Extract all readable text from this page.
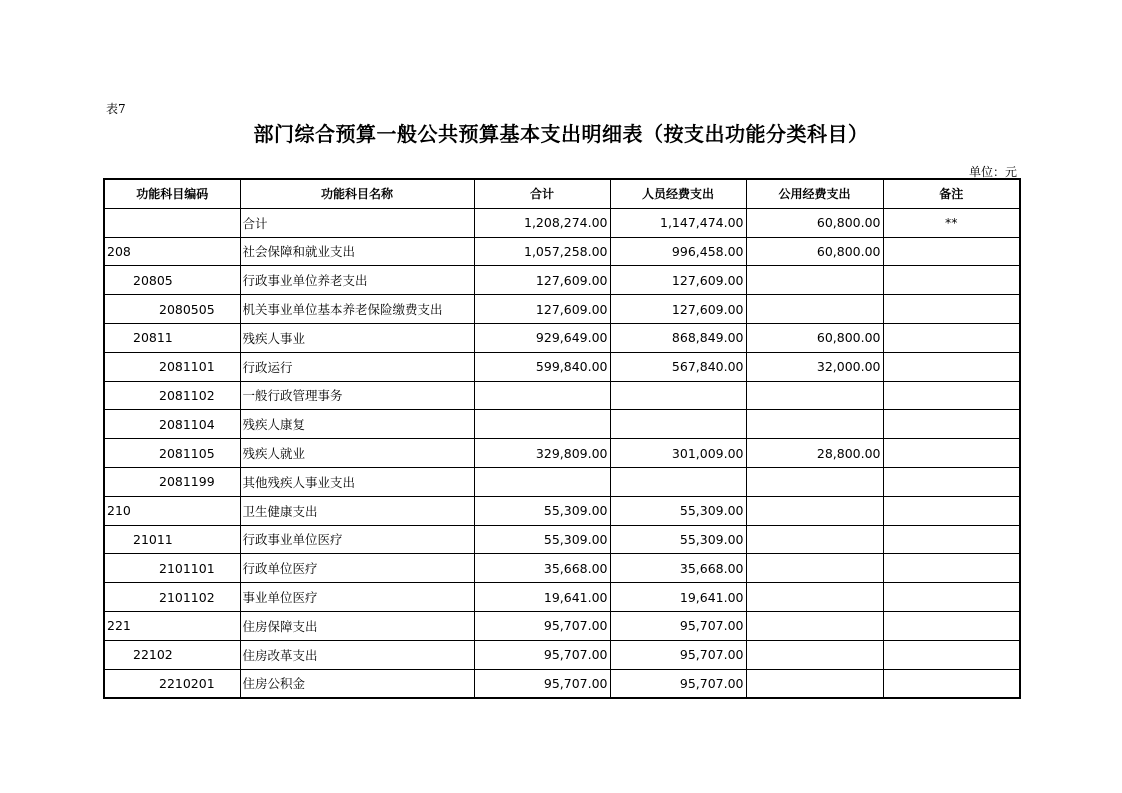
表7
部门综合预算一般公共预算基本支出明细表（按支出功能分类科目）
单位：元
功能科目编码	功能科目名称	合计	人员经费支出	公用经费支出	备注
	合计	1,208,274.00	1,147,474.00	60,800.00	**
208	社会保障和就业支出	1,057,258.00	996,458.00	60,800.00	
20805	行政事业单位养老支出	127,609.00	127,609.00		
2080505	机关事业单位基本养老保险缴费支出	127,609.00	127,609.00		
20811	残疾人事业	929,649.00	868,849.00	60,800.00	
2081101	行政运行	599,840.00	567,840.00	32,000.00	
2081102	一般行政管理事务				
2081104	残疾人康复				
2081105	残疾人就业	329,809.00	301,009.00	28,800.00	
2081199	其他残疾人事业支出				
210	卫生健康支出	55,309.00	55,309.00		
21011	行政事业单位医疗	55,309.00	55,309.00		
2101101	行政单位医疗	35,668.00	35,668.00		
2101102	事业单位医疗	19,641.00	19,641.00		
221	住房保障支出	95,707.00	95,707.00		
22102	住房改革支出	95,707.00	95,707.00		
2210201	住房公积金	95,707.00	95,707.00		
